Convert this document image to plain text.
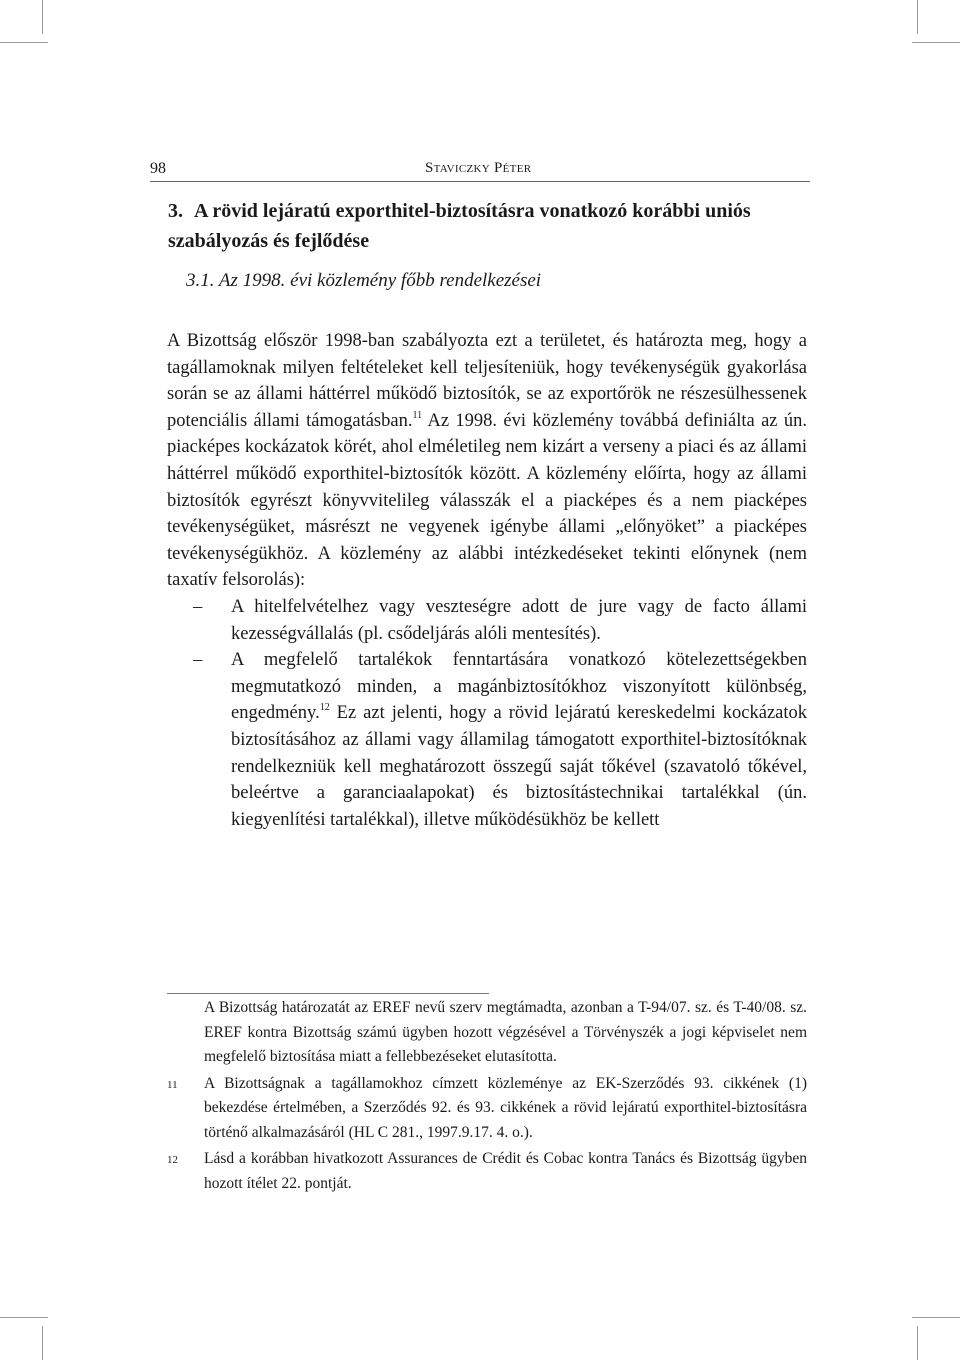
98	Staviczky Péter
3. A rövid lejáratú exporthitel-biztosításra vonatkozó korábbi uniós szabályozás és fejlődése
3.1. Az 1998. évi közlemény főbb rendelkezései

A Bizottság először 1998-ban szabályozta ezt a területet, és határozta meg, hogy a tagállamoknak milyen feltételeket kell teljesíteniük, hogy tevékenységük gyakorlása során se az állami háttérrel működő biztosítók, se az exportőrök ne részesülhessenek potenciális állami támogatásban.$^{11}$ Az 1998. évi közlemény továbbá definiálta az ún. piacképes kockázatok körét, ahol elméletileg nem kizárt a verseny a piaci és az állami háttérrel működő exporthitel-biztosítók között. A közlemény előírta, hogy az állami biztosítók egyrészt könyvvitelileg válasszák el a piacképes és a nem piacképes tevékenységüket, másrészt ne vegyenek igénybe állami „előnyöket” a piacképes tevékenységükhöz. A közlemény az alábbi intézkedéseket tekinti előnynek (nem taxatív felsorolás):

– A hitelfelvételhez vagy veszteségre adott de jure vagy de facto állami kezességvállalás (pl. csődeljárás alóli mentesítés).
– A megfelelő tartalékok fenntartására vonatkozó kötelezettségekben megmutatkozó minden, a magánbiztosítókhoz viszonyított különbség, engedmény.$^{12}$ Ez azt jelenti, hogy a rövid lejáratú kereskedelmi kockázatok biztosításához az állami vagy államilag támogatott exporthitel-biztosítóknak rendelkezniük kell meghatározott összegű saját tőkével (szavatoló tőkével, beleértve a garanciaalapokat) és biztosítástechnikai tartalékkal (ún. kiegyenlítési tartalékkal), illetve működésükhöz be kellett
A Bizottság határozatát az EREF nevű szerv megtámadta, azonban a T-94/07. sz. és T-40/08. sz. EREF kontra Bizottság számú ügyben hozott végzésével a Törvényszék a jogi képviselet nem megfelelő biztosítása miatt a fellebbezéseket elutasította.
11 A Bizottságnak a tagállamokhoz címzett közleménye az EK-Szerződés 93. cikkének (1) bekezdése értelmében, a Szerződés 92. és 93. cikkének a rövid lejáratú exporthitel-biztosításra történő alkalmazásáról (HL C 281., 1997.9.17. 4. o.).
12 Lásd a korábban hivatkozott Assurances de Crédit és Cobac kontra Tanács és Bizottság ügyben hozott ítélet 22. pontját.
